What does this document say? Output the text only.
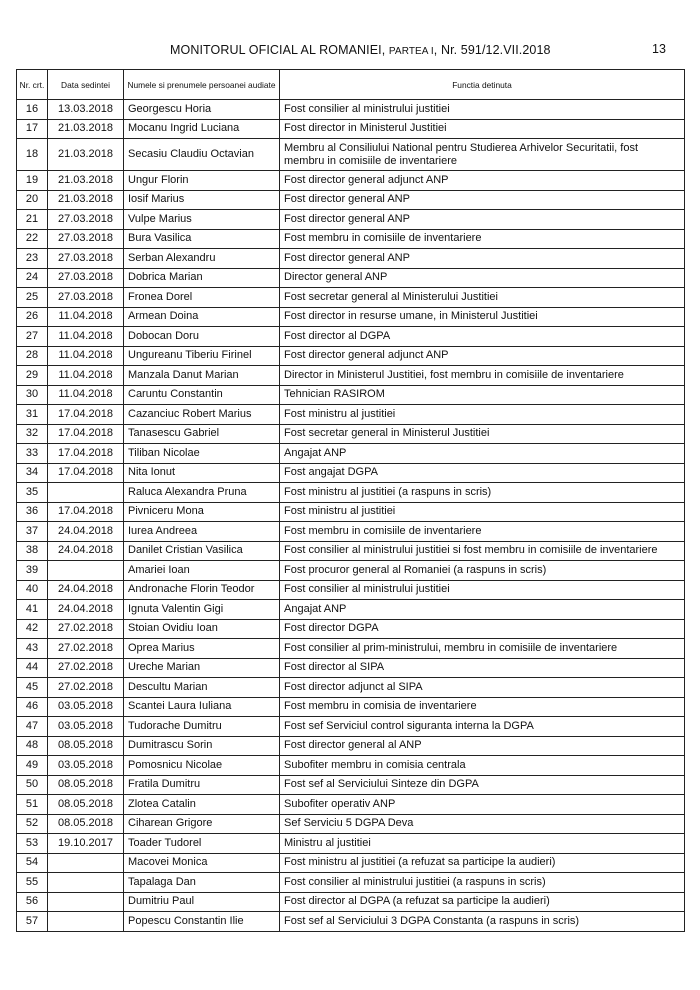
MONITORUL OFICIAL AL ROMANIEI, PARTEA I, Nr. 591/12.VII.2018	13
Nr. crt.	Data sedintei	Numele si prenumele persoanei audiate	Functia detinuta
16	13.03.2018	Georgescu Horia	Fost consilier al ministrului justitiei
17	21.03.2018	Mocanu Ingrid Luciana	Fost director in Ministerul Justitiei
18	21.03.2018	Secasiu Claudiu Octavian	Membru al Consiliului National pentru Studierea Arhivelor Securitatii, fost membru in comisiile de inventariere
19	21.03.2018	Ungur Florin	Fost director general adjunct ANP
20	21.03.2018	Iosif Marius	Fost director general ANP
21	27.03.2018	Vulpe Marius	Fost director general ANP
22	27.03.2018	Bura Vasilica	Fost membru in comisiile de inventariere
23	27.03.2018	Serban Alexandru	Fost director general ANP
24	27.03.2018	Dobrica Marian	Director general ANP
25	27.03.2018	Fronea Dorel	Fost secretar general al Ministerului Justitiei
26	11.04.2018	Armean Doina	Fost director in resurse umane, in Ministerul Justitiei
27	11.04.2018	Dobocan Doru	Fost director al DGPA
28	11.04.2018	Ungureanu Tiberiu Firinel	Fost director general adjunct ANP
29	11.04.2018	Manzala Danut Marian	Director in Ministerul Justitiei, fost membru in comisiile de inventariere
30	11.04.2018	Caruntu Constantin	Tehnician RASIROM
31	17.04.2018	Cazanciuc Robert Marius	Fost ministru al justitiei
32	17.04.2018	Tanasescu Gabriel	Fost secretar general in Ministerul Justitiei
33	17.04.2018	Tiliban Nicolae	Angajat ANP
34	17.04.2018	Nita Ionut	Fost angajat DGPA
35		Raluca Alexandra Pruna	Fost ministru al justitiei (a raspuns in scris)
36	17.04.2018	Pivniceru Mona	Fost ministru al justitiei
37	24.04.2018	Iurea Andreea	Fost membru in comisiile de inventariere
38	24.04.2018	Danilet Cristian Vasilica	Fost consilier al ministrului justitiei si fost membru in comisiile de inventariere
39		Amariei Ioan	Fost procuror general al Romaniei (a raspuns in scris)
40	24.04.2018	Andronache Florin Teodor	Fost consilier al ministrului justitiei
41	24.04.2018	Ignuta Valentin Gigi	Angajat ANP
42	27.02.2018	Stoian Ovidiu Ioan	Fost director DGPA
43	27.02.2018	Oprea Marius	Fost consilier al prim-ministrului, membru in comisiile de inventariere
44	27.02.2018	Ureche Marian	Fost director al SIPA
45	27.02.2018	Descultu Marian	Fost director adjunct al SIPA
46	03.05.2018	Scantei Laura Iuliana	Fost membru in comisia de inventariere
47	03.05.2018	Tudorache Dumitru	Fost sef Serviciul control siguranta interna la DGPA
48	08.05.2018	Dumitrascu Sorin	Fost director general al ANP
49	03.05.2018	Pomosnicu Nicolae	Subofiter membru in comisia centrala
50	08.05.2018	Fratila Dumitru	Fost sef al Serviciului Sinteze din DGPA
51	08.05.2018	Zlotea Catalin	Subofiter operativ ANP
52	08.05.2018	Ciharean Grigore	Sef Serviciu 5 DGPA Deva
53	19.10.2017	Toader Tudorel	Ministru al justitiei
54		Macovei Monica	Fost ministru al justitiei (a refuzat sa participe la audieri)
55		Tapalaga Dan	Fost consilier al ministrului justitiei (a raspuns in scris)
56		Dumitriu Paul	Fost director al DGPA (a refuzat sa participe la audieri)
57		Popescu Constantin Ilie	Fost sef al Serviciului 3 DGPA Constanta (a raspuns in scris)
